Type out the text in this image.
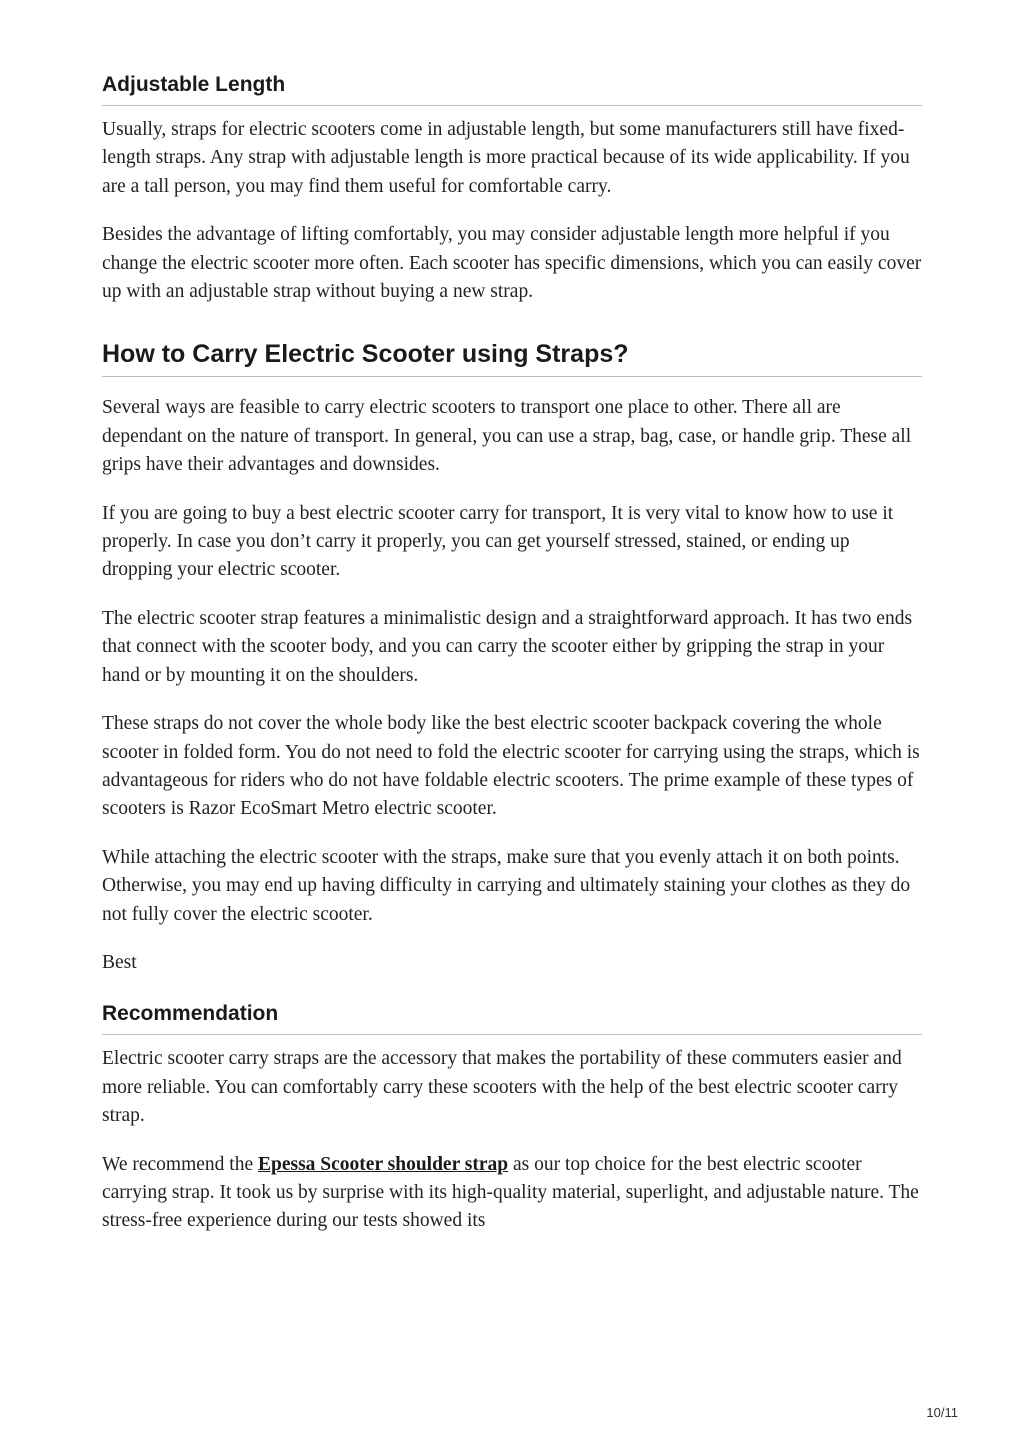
Adjustable Length

Usually, straps for electric scooters come in adjustable length, but some manufacturers still have fixed-length straps. Any strap with adjustable length is more practical because of its wide applicability. If you are a tall person, you may find them useful for comfortable carry.

Besides the advantage of lifting comfortably, you may consider adjustable length more helpful if you change the electric scooter more often. Each scooter has specific dimensions, which you can easily cover up with an adjustable strap without buying a new strap.

How to Carry Electric Scooter using Straps?

Several ways are feasible to carry electric scooters to transport one place to other. There all are dependant on the nature of transport. In general, you can use a strap, bag, case, or handle grip. These all grips have their advantages and downsides.

If you are going to buy a best electric scooter carry for transport, It is very vital to know how to use it properly. In case you don’t carry it properly, you can get yourself stressed, stained, or ending up dropping your electric scooter.

The electric scooter strap features a minimalistic design and a straightforward approach. It has two ends that connect with the scooter body, and you can carry the scooter either by gripping the strap in your hand or by mounting it on the shoulders.

These straps do not cover the whole body like the best electric scooter backpack covering the whole scooter in folded form. You do not need to fold the electric scooter for carrying using the straps, which is advantageous for riders who do not have foldable electric scooters. The prime example of these types of scooters is Razor EcoSmart Metro electric scooter.

While attaching the electric scooter with the straps, make sure that you evenly attach it on both points. Otherwise, you may end up having difficulty in carrying and ultimately staining your clothes as they do not fully cover the electric scooter.

Best

Recommendation

Electric scooter carry straps are the accessory that makes the portability of these commuters easier and more reliable. You can comfortably carry these scooters with the help of the best electric scooter carry strap.

We recommend the Epessa Scooter shoulder strap as our top choice for the best electric scooter carrying strap. It took us by surprise with its high-quality material, superlight, and adjustable nature. The stress-free experience during our tests showed its

10/11
